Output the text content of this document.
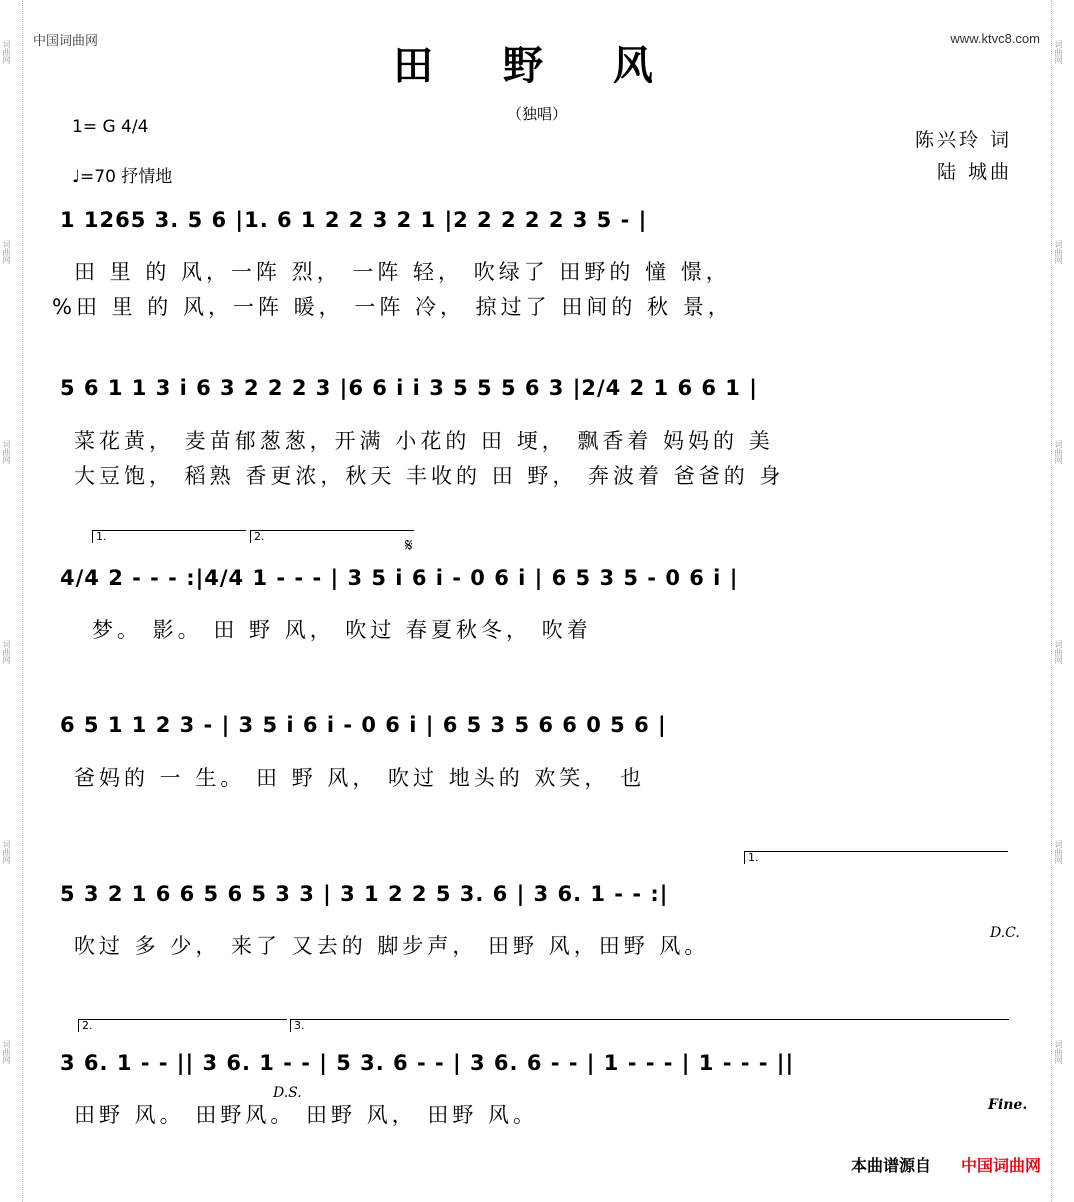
词曲网
词曲网
词曲网
词曲网
词曲网
词曲网
词曲网
词曲网
词曲网
词曲网
词曲网
词曲网
中国词曲网	www.ktvc8.com
田 野 风
（独唱）
1= G 4/4
♩=70 抒情地
陈兴玲 词
陆 城曲
1 1265 3. 5 6 |1. 6 1 2 2 3 2 1 |2 2 2 2 2 3 5 - |
田 里 的 风，一阵 烈， 一阵 轻， 吹绿了 田野的 憧 憬，
%田 里 的 风，一阵 暖， 一阵 冷， 掠过了 田间的 秋 景，
5 6 1 1 3 i 6 3 2 2 2 3 |6 6 i i 3 5 5 5 6 3 |2/4 2 1 6 6 1 |
菜花黄， 麦苗郁葱葱，开满 小花的 田 埂， 飘香着 妈妈的 美
大豆饱， 稻熟 香更浓，秋天 丰收的 田 野， 奔波着 爸爸的 身
1.	2.	𝄋
4/4 2 - - - :|4/4 1 - - - | 3 5 i 6 i - 0 6 i | 6 5 3 5 - 0 6 i |
梦。 影。 田 野 风， 吹过 春夏秋冬， 吹着
6 5 1 1 2 3 - | 3 5 i 6 i - 0 6 i | 6 5 3 5 6 6 0 5 6 |
爸妈的 一 生。 田 野 风， 吹过 地头的 欢笑， 也
1.
5 3 2 1 6 6 5 6 5 3 3 | 3 1 2 2 5 3. 6 | 3 6. 1 - - :|
吹过 多 少， 来了 又去的 脚步声， 田野 风，田野 风。
D.C.
2.	3.
3 6. 1 - - || 3 6. 1 - - | 5 3. 6 - - | 3 6. 6 - - | 1 - - - | 1 - - - ||
D.S.
田野 风。 田野风。 田野 风， 田野 风。	Fine.
本曲谱源自 中国词曲网
